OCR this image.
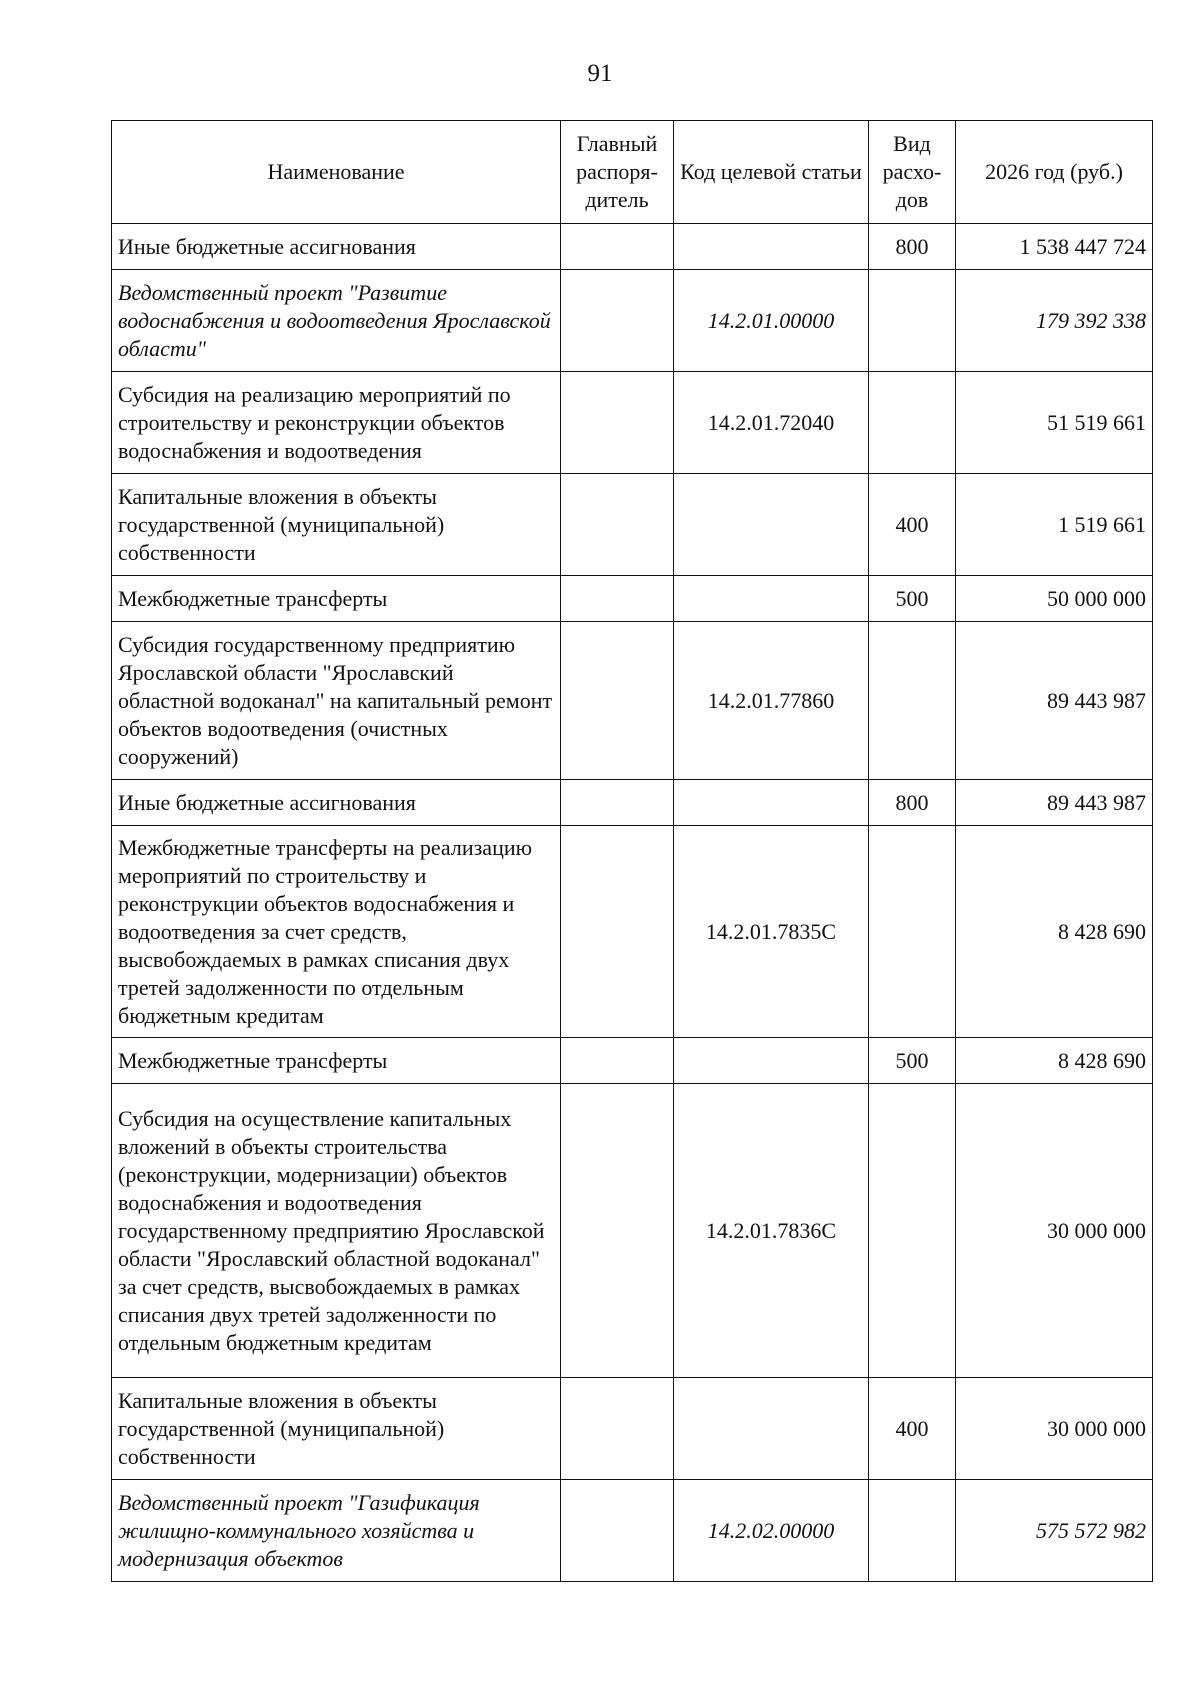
91
Наименование	Главный распоря-дитель	Код целевой статьи	Вид расхо-дов	2026 год (руб.)
Иные бюджетные ассигнования			800	1 538 447 724
Ведомственный проект "Развитие водоснабжения и водоотведения Ярославской области"		14.2.01.00000		179 392 338
Субсидия на реализацию мероприятий по строительству и реконструкции объектов водоснабжения и водоотведения		14.2.01.72040		51 519 661
Капитальные вложения в объекты государственной (муниципальной) собственности			400	1 519 661
Межбюджетные трансферты			500	50 000 000
Субсидия государственному предприятию Ярославской области "Ярославский областной водоканал" на капитальный ремонт объектов водоотведения (очистных сооружений)		14.2.01.77860		89 443 987
Иные бюджетные ассигнования			800	89 443 987
Межбюджетные трансферты на реализацию мероприятий по строительству и реконструкции объектов водоснабжения и водоотведения за счет средств, высвобождаемых в рамках списания двух третей задолженности по отдельным бюджетным кредитам		14.2.01.7835С		8 428 690
Межбюджетные трансферты			500	8 428 690
Субсидия на осуществление капитальных вложений в объекты строительства (реконструкции, модернизации) объектов водоснабжения и водоотведения государственному предприятию Ярославской области "Ярославский областной водоканал" за счет средств, высвобождаемых в рамках списания двух третей задолженности по отдельным бюджетным кредитам		14.2.01.7836С		30 000 000
Капитальные вложения в объекты государственной (муниципальной) собственности			400	30 000 000
Ведомственный проект "Газификация жилищно-коммунального хозяйства и модернизация объектов		14.2.02.00000		575 572 982
